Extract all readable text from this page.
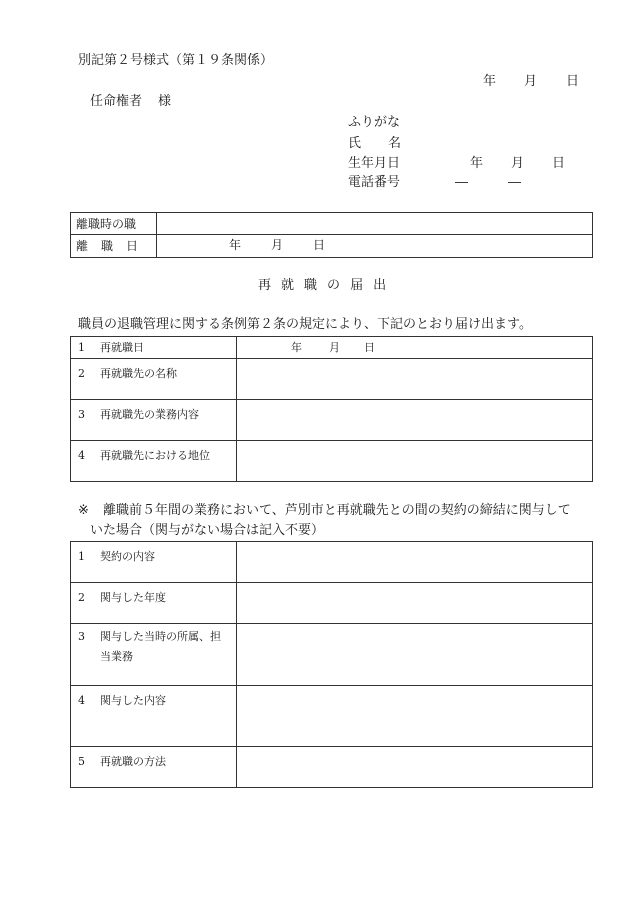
別記第２号様式（第１９条関係）
年 月 日
任命権者 様
ふりがな
氏 名
生年月日	年 月 日
電話番号	―	―
離職時の職	
離 職 日	年 月 日
再 就 職 の 届 出
職員の退職管理に関する条例第２条の規定により、下記のとおり届け出ます。
1 再就職日	年 月 日

2 再就職先の名称	
3 再就職先の業務内容	
4 再就職先における地位	
※ 離職前５年間の業務において、芦別市と再就職先との間の契約の締結に関与して
いた場合（関与がない場合は記入不要）
1 契約の内容	
2 関与した年度	
3 関与した当時の所属、担
当業務	
4 関与した内容	
5 再就職の方法	
